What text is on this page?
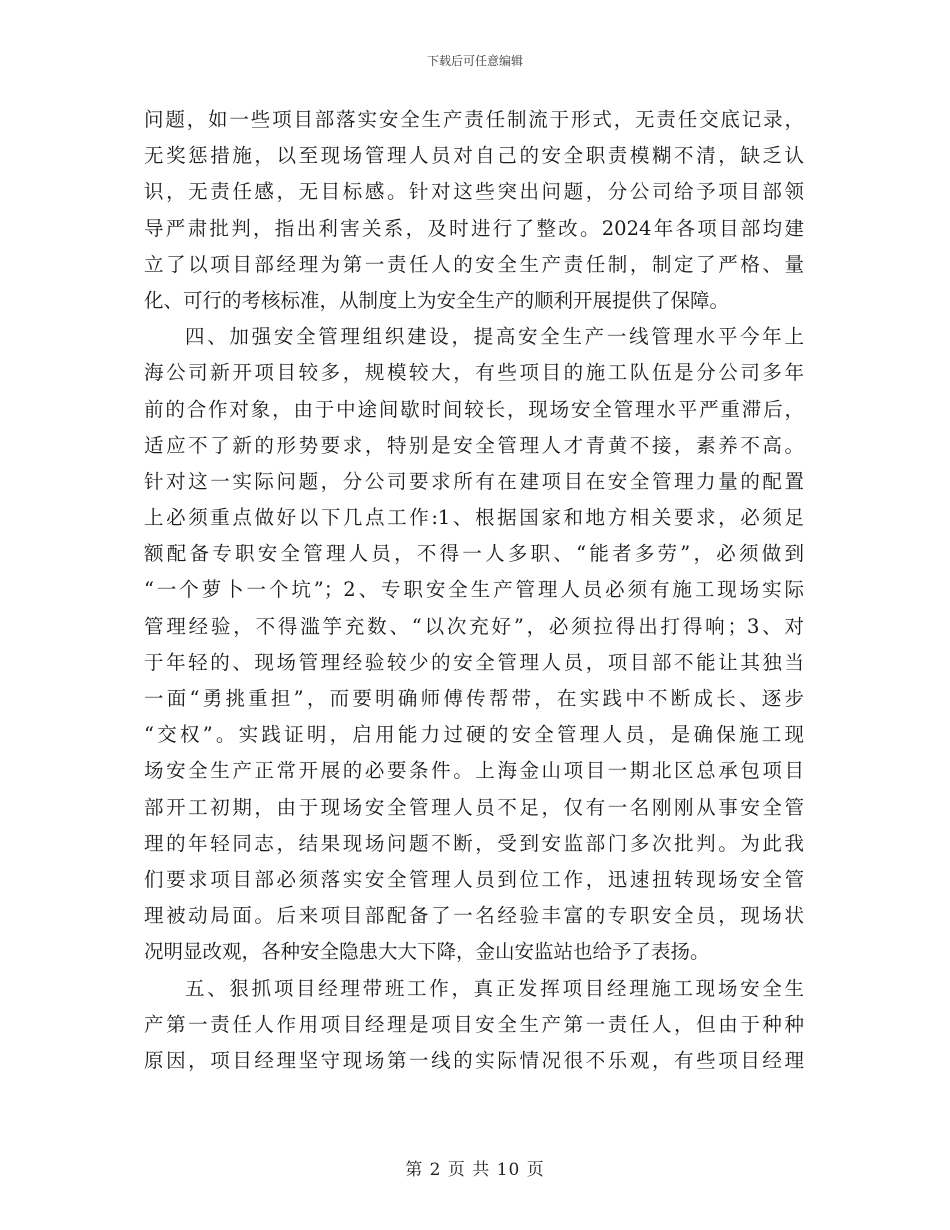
下载后可任意编辑
问题，如一些项目部落实安全生产责任制流于形式，无责任交底记录，
无奖惩措施，以至现场管理人员对自己的安全职责模糊不清，缺乏认
识，无责任感，无目标感。针对这些突出问题，分公司给予项目部领
导严肃批判，指出利害关系，及时进行了整改。2024年各项目部均建
立了以项目部经理为第一责任人的安全生产责任制，制定了严格、量
化、可行的考核标准，从制度上为安全生产的顺利开展提供了保障。
四、加强安全管理组织建设，提高安全生产一线管理水平今年上
海公司新开项目较多，规模较大，有些项目的施工队伍是分公司多年
前的合作对象，由于中途间歇时间较长，现场安全管理水平严重滞后，
适应不了新的形势要求，特别是安全管理人才青黄不接，素养不高。
针对这一实际问题，分公司要求所有在建项目在安全管理力量的配置
上必须重点做好以下几点工作:1、根据国家和地方相关要求，必须足
额配备专职安全管理人员，不得一人多职、“能者多劳”，必须做到
“一个萝卜一个坑”；2、专职安全生产管理人员必须有施工现场实际
管理经验，不得滥竽充数、“以次充好”，必须拉得出打得响；3、对
于年轻的、现场管理经验较少的安全管理人员，项目部不能让其独当
一面“勇挑重担”，而要明确师傅传帮带，在实践中不断成长、逐步
“交权”。实践证明，启用能力过硬的安全管理人员，是确保施工现
场安全生产正常开展的必要条件。上海金山项目一期北区总承包项目
部开工初期，由于现场安全管理人员不足，仅有一名刚刚从事安全管
理的年轻同志，结果现场问题不断，受到安监部门多次批判。为此我
们要求项目部必须落实安全管理人员到位工作，迅速扭转现场安全管
理被动局面。后来项目部配备了一名经验丰富的专职安全员，现场状
况明显改观，各种安全隐患大大下降，金山安监站也给予了表扬。
五、狠抓项目经理带班工作，真正发挥项目经理施工现场安全生
产第一责任人作用项目经理是项目安全生产第一责任人，但由于种种
原因，项目经理坚守现场第一线的实际情况很不乐观，有些项目经理
第 2 页 共 10 页
